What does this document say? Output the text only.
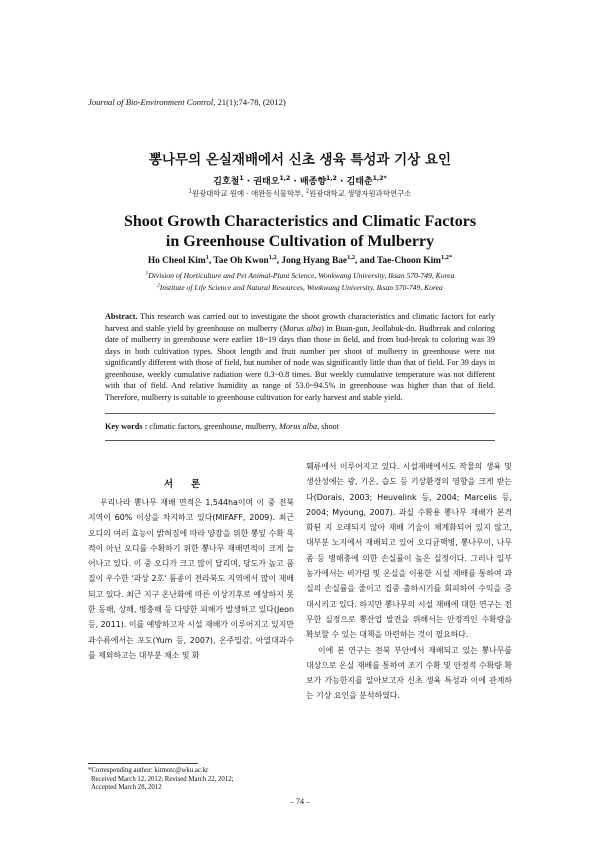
Journal of Bio-Environment Control, 21(1):74-78, (2012)
뽕나무의 온실재배에서 신초 생육 특성과 기상 요인
김호철$^1$ · 권태오$^{1,2}$ · 배종향$^{1,2}$ · 김태춘$^{1,2*}$
$^1$원광대학교 원예 · 애완동식물학부, $^2$원광대학교 생명자원과학연구소
Shoot Growth Characteristics and Climatic Factors
in Greenhouse Cultivation of Mulberry
Ho Cheol Kim$^1$, Tae Oh Kwon$^{1,2}$, Jong Hyang Bae$^{1,2}$, and Tae-Choon Kim$^{1,2*}$
$^1$Division of Horticulture and Pet Animal-Plant Science, Wonkwang University, Iksan 570-749, Korea
$^2$Institute of Life Science and Natural Resources, Wonkwang University, Iksan 570-749, Korea
Abstract. This research was carried out to investigate the shoot growth characteristics and climatic factors for early harvest and stable yield by greenhouse on mulberry (Morus alba) in Buan-gun, Jeollabuk-do. Budbreak and coloring date of mulberry in greenhouse were earlier 18~19 days than those in field, and from bud-break to coloring was 39 days in both cultivation types. Shoot length and fruit number per shoot of mulberry in greenhouse were not significantly different with those of field, but number of node was significantly little than that of field. For 39 days in greenhouse, weekly cumulative radiation were 0.3~0.8 times. But weekly cumulative temperature was not different with that of field. And relative humidity as range of 53.0~94.5% in greenhouse was higher than that of field. Therefore, mulberry is suitable to greenhouse cultivation for early harvest and stable yield.
Key words : climatic factors, greenhouse, mulberry, Morus alba, shoot
서론

우리나라 뽕나무 재배 면적은 1,544ha이며 이 중 전북 지역이 60% 이상을 차지하고 있다(MIFAFF, 2009). 최근 오디의 여러 효능이 밝혀짐에 따라 양잠을 위한 뽕잎 수확 목적이 아닌 오디를 수확하기 위한 뽕나무 재배면적이 크게 늘어나고 있다. 이 중 오디가 크고 많이 달리며, 당도가 높고 품질이 우수한 '과상 2호' 품종이 전라북도 지역에서 많이 재배되고 있다. 최근 지구 온난화에 따른 이상기후로 예상하지 못한 동해, 상해, 병충해 등 다양한 피해가 발생하고 있다(Jeon 등, 2011). 이를 예방하고자 시설 재배가 이루어지고 있지만 과수류에서는 포도(Yum 등, 2007), 온주밀감, 아열대과수를 제외하고는 대부분 채소 및 화

훼류에서 이루어지고 있다. 시설재배에서도 작물의 생육 및 생산성에는 광, 기온, 습도 등 기상환경의 영향을 크게 받는다(Dorais, 2003; Heuvelink 등, 2004; Marcelis 등, 2004; Myoung, 2007). 과실 수확용 뽕나무 재배가 본격화된 지 오래되지 않아 재배 기술이 체계화되어 있지 않고, 대부분 노지에서 재배되고 있어 오디균핵병, 뽕나무이, 나무좀 등 병해충에 의한 손실률이 높은 실정이다. 그러나 일부 농가에서는 비가림 및 온실을 이용한 시설 재배를 통하여 과실의 손실률을 줄이고 집중 출하시기를 회피하여 수익을 증대시키고 있다. 하지만 뽕나무의 시설 재배에 대한 연구는 전무한 실정으로 뽕산업 발전을 위해서는 안정적인 수확량을 확보할 수 있는 대책을 마련하는 것이 필요하다.

이에 본 연구는 전북 부안에서 재배되고 있는 뽕나무를 대상으로 온실 재배를 통하여 조기 수확 및 안정적 수확량 확보가 가능한지를 알아보고자 신초 생육 특성과 이에 관계하는 기상 요인을 분석하였다.

*Corresponding author: kitmotc@wku.ac.kr
Received March 12, 2012; Revised March 22, 2012;
Accepted March 28, 2012
– 74 –
